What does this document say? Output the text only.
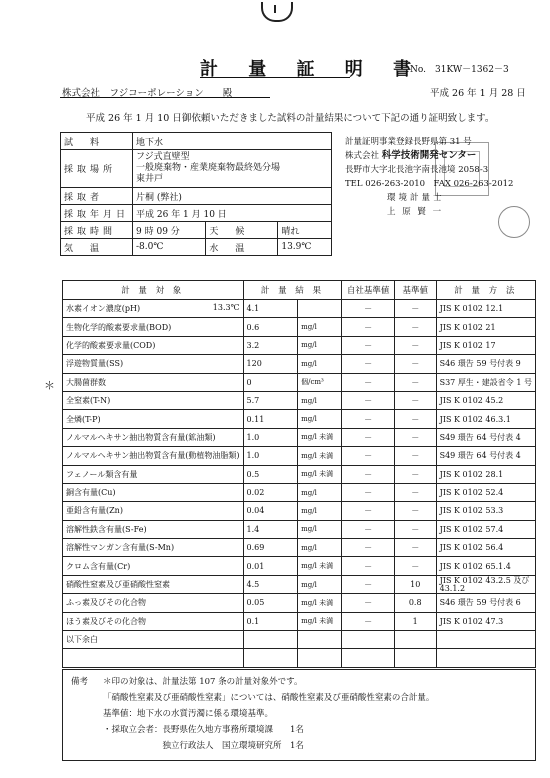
計 量 証 明 書
No.　31KW－1362－3
株式会社　フジコーポレーション　　殿	平成 26 年 1 月 28 日
平成 26 年 1 月 10 日御依頼いただきました試料の計量結果について下記の通り証明致します。
試　料	地下水		
採取場所	フジ式直壁型
一般廃棄物・産業廃棄物最終処分場
東井戸		

採取者	片桐 (弊社)		
採取年月日	平成 26 年 1 月 10 日		
採取時間	9 時 09 分	天　候	晴れ
気　温	-8.0℃	水　温	13.9℃
計量証明事業登録長野県第 31 号
株式会社 科学技術開発センター
長野市大字北長池字南長池境 2058-3
TEL 026-263-2010　FAX 026-263-2012
環境計量士
上 原 賢 一
＊
計 量 対 象	計 量 結 果		自社基準値	基準値	計 量 方 法
水素イオン濃度(pH) 13.3℃	4.1		－	－	JIS K 0102 12.1
生物化学的酸素要求量(BOD)	0.6	mg/l	－	－	JIS K 0102 21
化学的酸素要求量(COD)	3.2	mg/l	－	－	JIS K 0102 17
浮遊物質量(SS)	120	mg/l	－	－	S46 環告 59 号付表 9
大腸菌群数	0	個/cm³	－	－	S37 厚生・建設省令 1 号
全窒素(T-N)	5.7	mg/l	－	－	JIS K 0102 45.2
全燐(T-P)	0.11	mg/l	－	－	JIS K 0102 46.3.1
ノルマルヘキサン抽出物質含有量(鉱油類)	1.0	mg/l 未満	－	－	S49 環告 64 号付表 4
ノルマルヘキサン抽出物質含有量(動植物油脂類)	1.0	mg/l 未満	－	－	S49 環告 64 号付表 4
フェノール類含有量	0.5	mg/l 未満	－	－	JIS K 0102 28.1
銅含有量(Cu)	0.02	mg/l	－	－	JIS K 0102 52.4
亜鉛含有量(Zn)	0.04	mg/l	－	－	JIS K 0102 53.3
溶解性鉄含有量(S-Fe)	1.4	mg/l	－	－	JIS K 0102 57.4
溶解性マンガン含有量(S-Mn)	0.69	mg/l	－	－	JIS K 0102 56.4
クロム含有量(Cr)	0.01	mg/l 未満	－	－	JIS K 0102 65.1.4
硝酸性窒素及び亜硝酸性窒素	4.5	mg/l	－	10	JIS K 0102 43.2.5 及び 43.1.2
ふっ素及びその化合物	0.05	mg/l 未満	－	0.8	S46 環告 59 号付表 6
ほう素及びその化合物	0.1	mg/l 未満	－	1	JIS K 0102 47.3
以下余白					

備考 ＊印の対象は、計量法第 107 条の計量対象外です。
「硝酸性窒素及び亜硝酸性窒素」については、硝酸性窒素及び亜硝酸性窒素の合計量。
基準値：地下水の水質汚濁に係る環境基準。
・採取立会者：長野県佐久地方事務所環境課　　1名
　　　　　　　独立行政法人　国立環境研究所　1名
